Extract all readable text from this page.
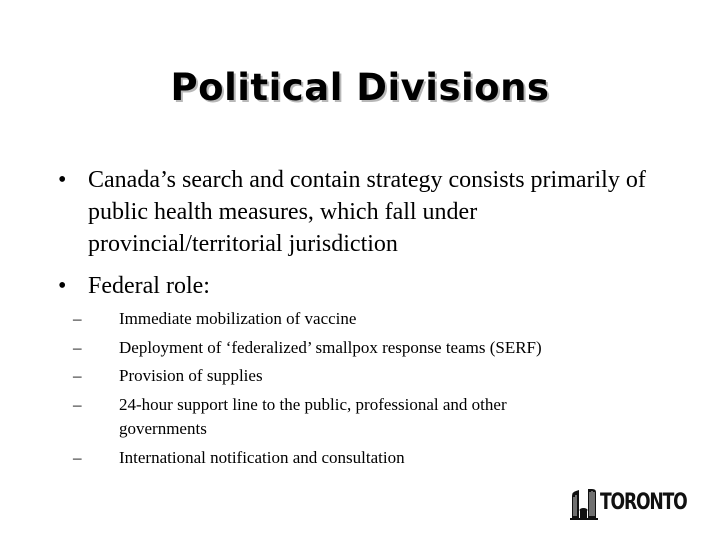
Political Divisions
• Canada’s search and contain strategy consists primarily of public health measures, which fall under provincial/territorial jurisdiction
• Federal role:
– Immediate mobilization of vaccine
– Deployment of ‘federalized’ smallpox response teams (SERF)
– Provision of supplies
– 24-hour support line to the public, professional and other governments
– International notification and consultation
TORONTO
